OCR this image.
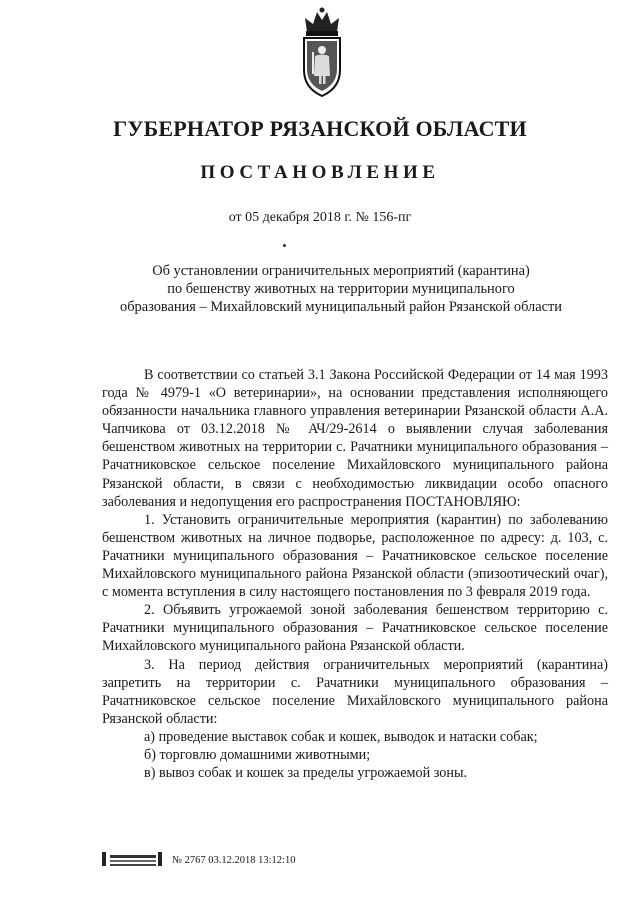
ГУБЕРНАТОР РЯЗАНСКОЙ ОБЛАСТИ
ПОСТАНОВЛЕНИЕ
от 05 декабря 2018 г. № 156-пг
Об установлении ограничительных мероприятий (карантина)
по бешенству животных на территории муниципального
образования – Михайловский муниципальный район Рязанской области

В соответствии со статьей 3.1 Закона Российской Федерации от 14 мая 1993 года № 4979-1 «О ветеринарии», на основании представления исполняющего обязанности начальника главного управления ветеринарии Рязанской области А.А. Чапчикова от 03.12.2018 № АЧ/29-2614 о выявлении случая заболевания бешенством животных на территории с. Рачатники муниципального образования – Рачатниковское сельское поселение Михайловского муниципального района Рязанской области, в связи с необходимостью ликвидации особо опасного заболевания и недопущения его распространения ПОСТАНОВЛЯЮ:

1. Установить ограничительные мероприятия (карантин) по заболеванию бешенством животных на личное подворье, расположенное по адресу: д. 103, с. Рачатники муниципального образования – Рачатниковское сельское поселение Михайловского муниципального района Рязанской области (эпизоотический очаг), с момента вступления в силу настоящего постановления по 3 февраля 2019 года.

2. Объявить угрожаемой зоной заболевания бешенством территорию с. Рачатники муниципального образования – Рачатниковское сельское поселение Михайловского муниципального района Рязанской области.

3. На период действия ограничительных мероприятий (карантина) запретить на территории с. Рачатники муниципального образования – Рачатниковское сельское поселение Михайловского муниципального района Рязанской области:

а) проведение выставок собак и кошек, выводок и натаски собак;

б) торговлю домашними животными;

в) вывоз собак и кошек за пределы угрожаемой зоны.

№ 2767 03.12.2018 13:12:10
